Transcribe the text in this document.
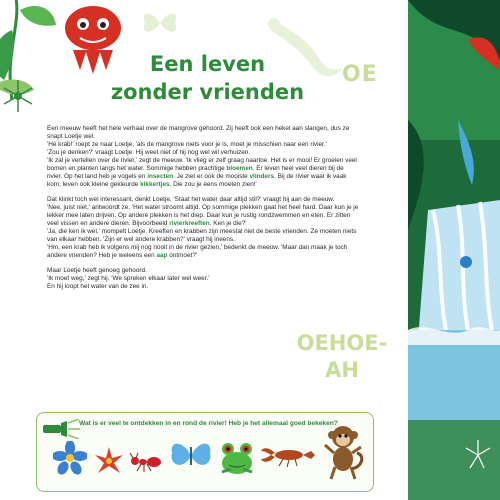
Een leven
zonder vrienden
OE
OEHOE-
AH

Een meeuw heeft het hele verhaal over de mangrove gehoord. Zij heeft ook een hekel aan slangen, dus ze snapt Loetje wel.
'Hé krab!' roept ze naar Loetje, 'als de mangrove niets voor je is, moet je misschien naar een rivier.'
'Zou je denken?' vraagt Loetje. Hij weet niet of hij nog wel wil verhuizen.
'Ik zal je vertellen over de rivier,' zegt de meeuw. 'Ik vlieg er zelf graag naartoe. Het is er mooi! Er groeien veel bomen en planten langs het water. Sommige hebben prachtige bloemen. Er leven heel veel dieren bij de rivier. Op het land heb je vogels en insecten. Je ziet er ook de mooiste vlinders. Bij de rivier waar ik vaak kom, leven ook kleine gekleurde kikkertjes. Die zou je eens moeten zien!'

Dat klinkt toch wel interessant, denkt Loetje. 'Staat het water daar altijd stil?' vraagt hij aan de meeuw.
'Nee, juist niet,' antwoordt ze. 'Het water stroomt altijd. Op sommige plekken gaat het heel hard. Daar kun je je lekker mee laten drijven. Op andere plekken is het diep. Daar kun je rustig rondzwemmen en eten. Er zitten veel vissen en andere dieren. Bijvoorbeeld rivierkreeften. Ken je die?'
'Ja, die ken ik wel,' mompelt Loetje. Kreeften en krabben zijn meestal niet de beste vrienden. Ze moeten niets van elkaar hebben. 'Zijn er wel andere krabben?' vraagt hij ineens.
'Hm, een krab heb ik volgens mij nog nooit in de rivier gezien,' bedenkt de meeuw. 'Maar dan maak je toch andere vrienden? Heb je weleens een aap ontmoet?'

Maar Loetje heeft genoeg gehoord.
'Ik moet weg,' zegt hij. 'We spreken elkaar later wel weer.'
En hij loopt het water van de zee in.

Wat is er veel te ontdekken in en rond de rivier! Heb je het allemaal goed bekeken?
